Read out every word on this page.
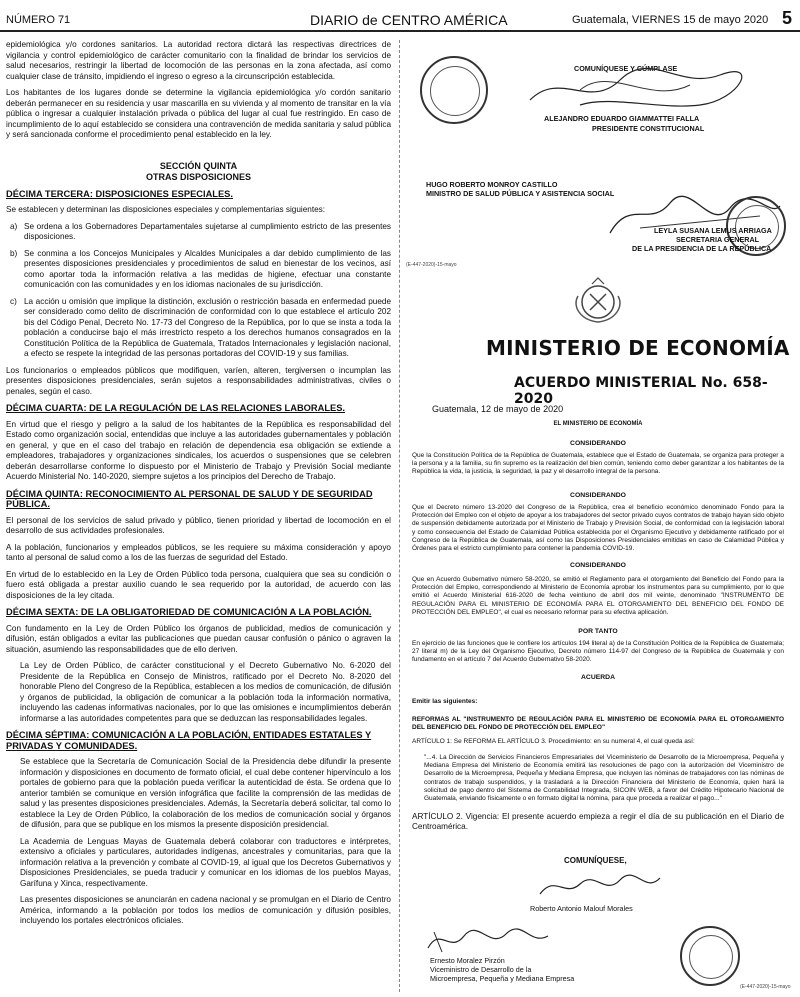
NÚMERO 71	DIARIO de CENTRO AMÉRICA	Guatemala, VIERNES 15 de mayo 2020 5

epidemiológica y/o cordones sanitarios. La autoridad rectora dictará las respectivas directrices de vigilancia y control epidemiológico de carácter comunitario con la finalidad de brindar los servicios de salud necesarios, restringir la libertad de locomoción de las personas en la zona afectada, así como cualquier clase de tránsito, impidiendo el ingreso o egreso a la circunscripción establecida.

Los habitantes de los lugares donde se determine la vigilancia epidemiológica y/o cordón sanitario deberán permanecer en su residencia y usar mascarilla en su vivienda y al momento de transitar en la vía pública o ingresar a cualquier instalación privada o pública del lugar al cual fue restringido. En caso de incumplimiento de lo aquí establecido se considera una contravención de medida sanitaria y salud pública y será sancionada conforme el procedimiento penal establecido en la ley.

SECCIÓN QUINTA
OTRAS DISPOSICIONES
DÉCIMA TERCERA: DISPOSICIONES ESPECIALES.

Se establecen y determinan las disposiciones especiales y complementarias siguientes:

a) Se ordena a los Gobernadores Departamentales sujetarse al cumplimiento estricto de las presentes disposiciones.
b) Se conmina a los Concejos Municipales y Alcaldes Municipales a dar debido cumplimiento de las presentes disposiciones presidenciales y procedimientos de salud en bienestar de los vecinos, así como aportar toda la información relativa a las medidas de higiene, efectuar una constante comunicación con las comunidades y en los idiomas nacionales de su jurisdicción.
c) La acción u omisión que implique la distinción, exclusión o restricción basada en enfermedad puede ser considerado como delito de discriminación de conformidad con lo que establece el artículo 202 bis del Código Penal, Decreto No. 17-73 del Congreso de la República, por lo que se insta a toda la población a conducirse bajo el más irrestricto respeto a los derechos humanos consagrados en la Constitución Política de la República de Guatemala, Tratados Internacionales y legislación nacional, a efecto se respete la integridad de las personas portadoras del COVID-19 y sus familias.

Los funcionarios o empleados públicos que modifiquen, varíen, alteren, tergiversen o incumplan las presentes disposiciones presidenciales, serán sujetos a responsabilidades administrativas, civiles o penales, según el caso.

DÉCIMA CUARTA: DE LA REGULACIÓN DE LAS RELACIONES LABORALES.

En virtud que el riesgo y peligro a la salud de los habitantes de la República es responsabilidad del Estado como organización social, entendidas que incluye a las autoridades gubernamentales y población en general, y que en el caso del trabajo en relación de dependencia esa obligación se extiende a empleadores, trabajadores y organizaciones sindicales, los acuerdos o suspensiones que se celebren deberán desarrollarse conforme lo dispuesto por el Ministerio de Trabajo y Previsión Social mediante Acuerdo Ministerial No. 140-2020, siempre sujetos a los principios del Derecho de Trabajo.

DÉCIMA QUINTA: RECONOCIMIENTO AL PERSONAL DE SALUD Y DE SEGURIDAD PÚBLICA.

El personal de los servicios de salud privado y público, tienen prioridad y libertad de locomoción en el desarrollo de sus actividades profesionales.

A la población, funcionarios y empleados públicos, se les requiere su máxima consideración y apoyo tanto al personal de salud como a los de las fuerzas de seguridad del Estado.

En virtud de lo establecido en la Ley de Orden Público toda persona, cualquiera que sea su condición o fuero está obligada a prestar auxilio cuando le sea requerido por la autoridad, de acuerdo con las disposiciones de la ley citada.

DÉCIMA SEXTA: DE LA OBLIGATORIEDAD DE COMUNICACIÓN A LA POBLACIÓN.

Con fundamento en la Ley de Orden Público los órganos de publicidad, medios de comunicación y difusión, están obligados a evitar las publicaciones que puedan causar confusión o pánico o agraven la situación, asumiendo las responsabilidades que de ello deriven.

La Ley de Orden Público, de carácter constitucional y el Decreto Gubernativo No. 6-2020 del Presidente de la República en Consejo de Ministros, ratificado por el Decreto No. 8-2020 del honorable Pleno del Congreso de la República, establecen a los medios de comunicación, de difusión y órganos de publicidad, la obligación de comunicar a la población toda la información normativa, incluyendo las cadenas informativas nacionales, por lo que las omisiones e incumplimientos deberán informarse a las autoridades competentes para que se deduzcan las responsabilidades legales.

DÉCIMA SÉPTIMA: COMUNICACIÓN A LA POBLACIÓN, ENTIDADES ESTATALES Y PRIVADAS Y COMUNIDADES.

Se establece que la Secretaría de Comunicación Social de la Presidencia debe difundir la presente información y disposiciones en documento de formato oficial, el cual debe contener hipervínculo a los portales de gobierno para que la población pueda verificar la autenticidad de ésta. Se ordena que lo anterior también se comunique en versión infográfica que facilite la comprensión de las medidas de salud y las presentes disposiciones presidenciales. Además, la Secretaría deberá solicitar, tal como lo establece la Ley de Orden Público, la colaboración de los medios de comunicación social y órganos de difusión, para que se publique en los mismos la presente disposición presidencial.

La Academia de Lenguas Mayas de Guatemala deberá colaborar con traductores e intérpretes, extensivo a oficiales y particulares, autoridades indígenas, ancestrales y comunitarias, para que la información relativa a la prevención y combate al COVID-19, al igual que los Decretos Gubernativos y Disposiciones Presidenciales, se pueda traducir y comunicar en los idiomas de los pueblos Mayas, Garífuna y Xinca, respectivamente.

Las presentes disposiciones se anunciarán en cadena nacional y se promulgan en el Diario de Centro América, informando a la población por todos los medios de comunicación y difusión posibles, incluyendo los portales electrónicos oficiales.

COMUNÍQUESE Y CÚMPLASE
ALEJANDRO EDUARDO GIAMMATTEI FALLA
PRESIDENTE CONSTITUCIONAL
HUGO ROBERTO MONROY CASTILLO
MINISTRO DE SALUD PÚBLICA Y ASISTENCIA SOCIAL
LEYLA SUSANA LEMUS ARRIAGA
SECRETARIA GENERAL
DE LA PRESIDENCIA DE LA REPÚBLICA
(E-447-2020)-15-mayo
MINISTERIO DE ECONOMÍA
ACUERDO MINISTERIAL No. 658-2020
Guatemala, 12 de mayo de 2020
EL MINISTERIO DE ECONOMÍA
CONSIDERANDO

Que la Constitución Política de la República de Guatemala, establece que el Estado de Guatemala, se organiza para proteger a la persona y a la familia, su fin supremo es la realización del bien común, teniendo como deber garantizar a los habitantes de la República la vida, la justicia, la seguridad, la paz y el desarrollo integral de la persona.

CONSIDERANDO

Que el Decreto número 13-2020 del Congreso de la República, crea el beneficio económico denominado Fondo para la Protección del Empleo con el objeto de apoyar a los trabajadores del sector privado cuyos contratos de trabajo hayan sido objeto de suspensión debidamente autorizada por el Ministerio de Trabajo y Previsión Social, de conformidad con la legislación laboral y como consecuencia del Estado de Calamidad Pública establecida por el Organismo Ejecutivo y debidamente ratificado por el Congreso de la República de Guatemala, así como las Disposiciones Presidenciales emitidas en caso de Calamidad Pública y Órdenes para el estricto cumplimiento para contener la pandemia COVID-19.

CONSIDERANDO

Que en Acuerdo Gubernativo número 58-2020, se emitió el Reglamento para el otorgamiento del Beneficio del Fondo para la Protección del Empleo, correspondiendo al Ministerio de Economía aprobar los instrumentos para su cumplimiento, por lo que emitió el Acuerdo Ministerial 616-2020 de fecha veintiuno de abril dos mil veinte, denominado "INSTRUMENTO DE REGULACIÓN PARA EL MINISTERIO DE ECONOMÍA PARA EL OTORGAMIENTO DEL BENEFICIO DEL FONDO DE PROTECCIÓN DEL EMPLEO", el cual es necesario reformar para su efectiva aplicación.

POR TANTO

En ejercicio de las funciones que le confiere los artículos 194 literal a) de la Constitución Política de la República de Guatemala; 27 literal m) de la Ley del Organismo Ejecutivo, Decreto número 114-97 del Congreso de la República de Guatemala y con fundamento en el artículo 7 del Acuerdo Gubernativo 58-2020.

ACUERDA

Emitir las siguientes:

REFORMAS AL "INSTRUMENTO DE REGULACIÓN PARA EL MINISTERIO DE ECONOMÍA PARA EL OTORGAMIENTO DEL BENEFICIO DEL FONDO DE PROTECCIÓN DEL EMPLEO"

ARTÍCULO 1: Se REFORMA EL ARTÍCULO 3. Procedimiento: en su numeral 4, el cual queda así:

"...4. La Dirección de Servicios Financieros Empresariales del Viceministerio de Desarrollo de la Microempresa, Pequeña y Mediana Empresa del Ministerio de Economía emitirá las resoluciones de pago con la autorización del Viceministro de Desarrollo de la Microempresa, Pequeña y Mediana Empresa, que incluyen las nóminas de trabajadores con las nóminas de contratos de trabajo suspendidos, y la trasladará a la Dirección Financiera del Ministerio de Economía, quien hará la solicitud de pago dentro del Sistema de Contabilidad Integrada, SICOIN WEB, a favor del Crédito Hipotecario Nacional de Guatemala, enviando físicamente o en formato digital la nómina, para que proceda a realizar el pago..."

ARTÍCULO 2. Vigencia: El presente acuerdo empieza a regir el día de su publicación en el Diario de Centroamérica.

COMUNÍQUESE,
Roberto Antonio Malouf Morales
Ernesto Moralez Pirzón
Viceministro de Desarrollo de la
Microempresa, Pequeña y Mediana Empresa
(E-447-2020)-15-mayo
